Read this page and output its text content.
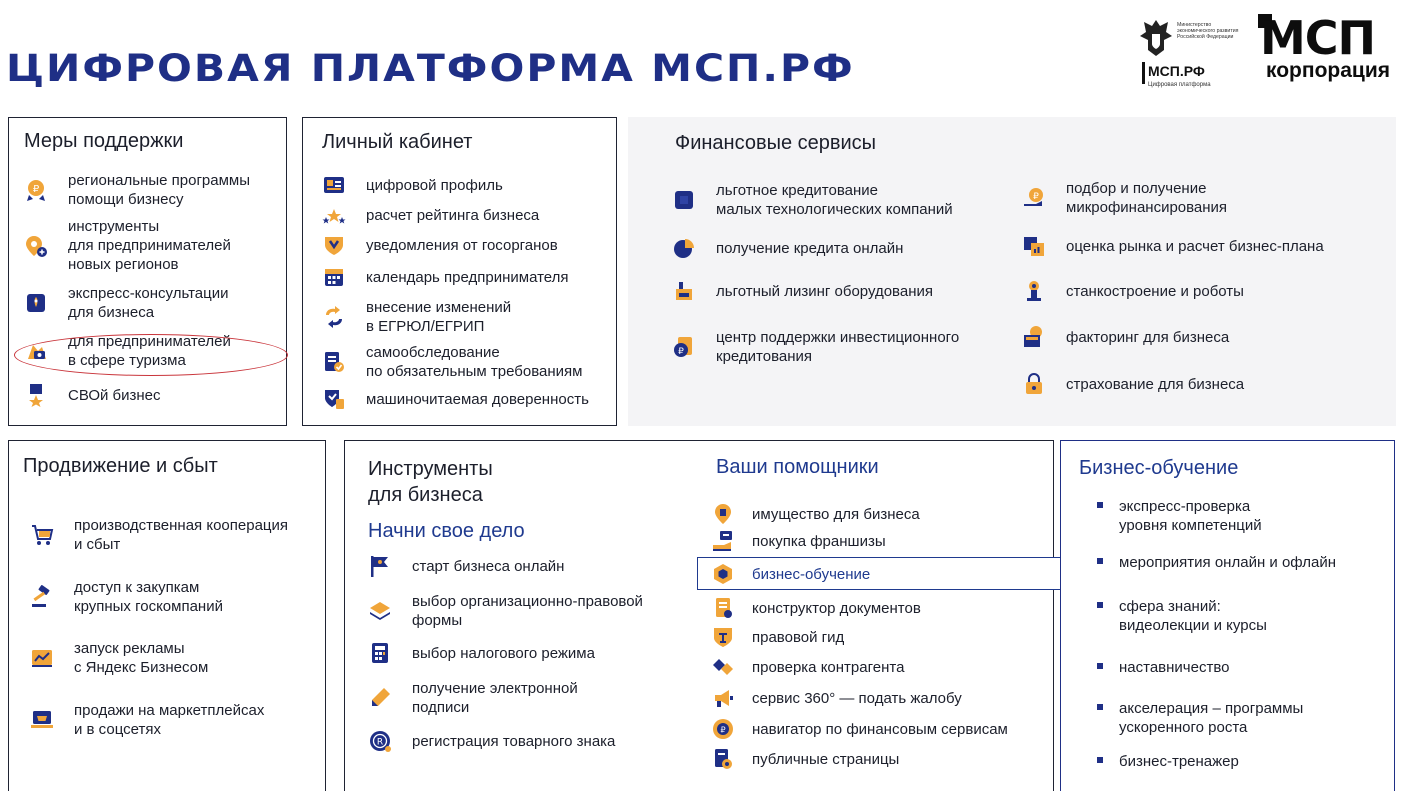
ЦИФРОВАЯ ПЛАТФОРМА МСП.РФ
Министерство экономического развития Российской Федерации
МСП.РФ
Цифровая платформа
МСП
корпорация
Меры поддержки
региональные программы
помощи бизнесу
инструменты
для предпринимателей
новых регионов
экспресс-консультации
для бизнеса
для предпринимателей
в сфере туризма
СВОй бизнес
Личный кабинет
цифровой профиль
расчет рейтинга бизнеса
уведомления от госорганов
календарь предпринимателя
внесение изменений
в ЕГРЮЛ/ЕГРИП
самообследование
по обязательным требованиям
машиночитаемая доверенность
Финансовые сервисы
льготное кредитование
малых технологических компаний
получение кредита онлайн
льготный лизинг оборудования
центр поддержки инвестиционного
кредитования
подбор и получение
микрофинансирования
оценка рынка и расчет бизнес-плана
станкостроение и роботы
факторинг для бизнеса
страхование для бизнеса
Продвижение и сбыт
производственная кооперация
и сбыт
доступ к закупкам
крупных госкомпаний
запуск рекламы
с Яндекс Бизнесом
продажи на маркетплейсах
и в соцсетях
Инструменты
для бизнеса
Начни свое дело
старт бизнеса онлайн
выбор организационно-правовой
формы
выбор налогового режима
получение электронной
подписи
регистрация товарного знака
Ваши помощники
имущество для бизнеса
покупка франшизы
бизнес-обучение
конструктор документов
правовой гид
проверка контрагента
сервис 360° — подать жалобу
навигатор по финансовым сервисам
публичные страницы
Бизнес-обучение
экспресс-проверка
уровня компетенций
мероприятия онлайн и офлайн
сфера знаний:
видеолекции и курсы
наставничество
акселерация – программы
ускоренного роста
бизнес-тренажер
